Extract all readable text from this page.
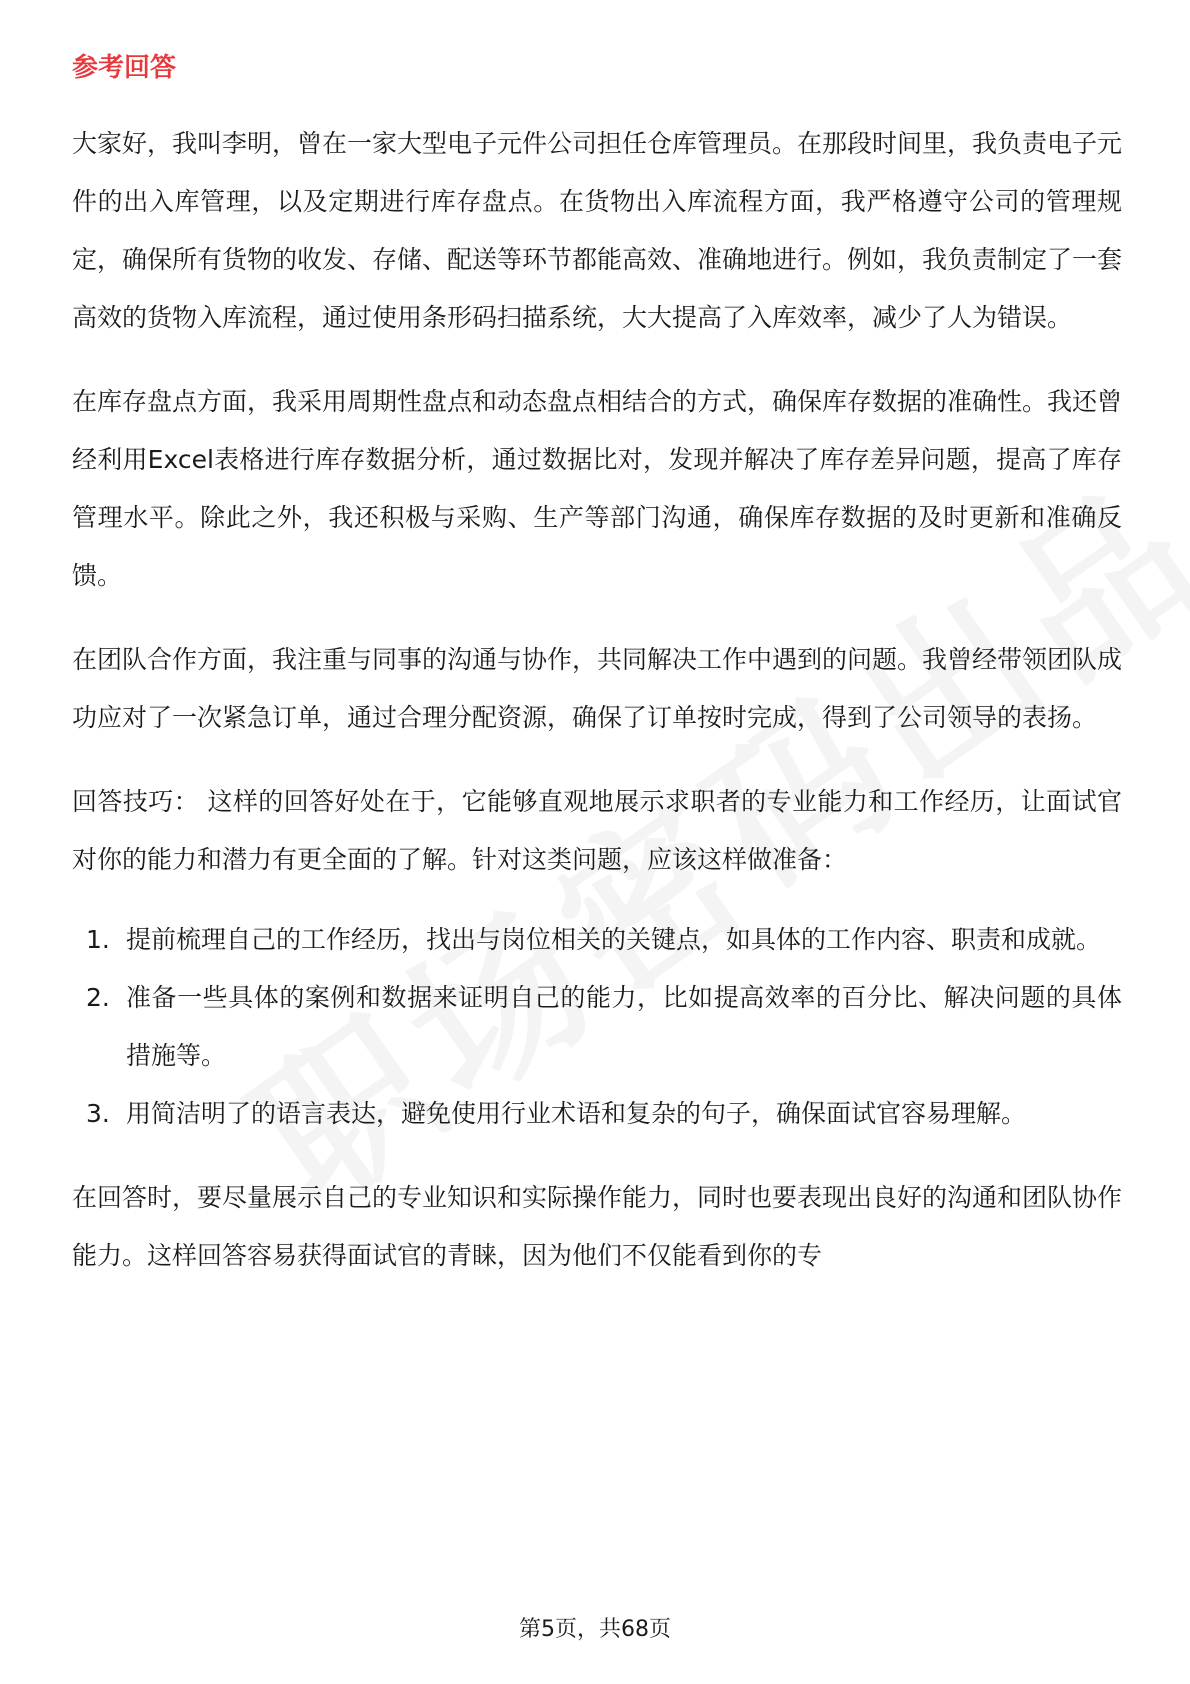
参考回答

大家好，我叫李明，曾在一家大型电子元件公司担任仓库管理员。在那段时间里，我负责电子元件的出入库管理，以及定期进行库存盘点。在货物出入库流程方面，我严格遵守公司的管理规定，确保所有货物的收发、存储、配送等环节都能高效、准确地进行。例如，我负责制定了一套高效的货物入库流程，通过使用条形码扫描系统，大大提高了入库效率，减少了人为错误。

在库存盘点方面，我采用周期性盘点和动态盘点相结合的方式，确保库存数据的准确性。我还曾经利用Excel表格进行库存数据分析，通过数据比对，发现并解决了库存差异问题，提高了库存管理水平。除此之外，我还积极与采购、生产等部门沟通，确保库存数据的及时更新和准确反馈。

在团队合作方面，我注重与同事的沟通与协作，共同解决工作中遇到的问题。我曾经带领团队成功应对了一次紧急订单，通过合理分配资源，确保了订单按时完成，得到了公司领导的表扬。

回答技巧： 这样的回答好处在于，它能够直观地展示求职者的专业能力和工作经历，让面试官对你的能力和潜力有更全面的了解。针对这类问题，应该这样做准备：

1. 提前梳理自己的工作经历，找出与岗位相关的关键点，如具体的工作内容、职责和成就。
2. 准备一些具体的案例和数据来证明自己的能力，比如提高效率的百分比、解决问题的具体措施等。
3. 用简洁明了的语言表达，避免使用行业术语和复杂的句子，确保面试官容易理解。

在回答时，要尽量展示自己的专业知识和实际操作能力，同时也要表现出良好的沟通和团队协作能力。这样回答容易获得面试官的青睐，因为他们不仅能看到你的专

第5页，共68页
